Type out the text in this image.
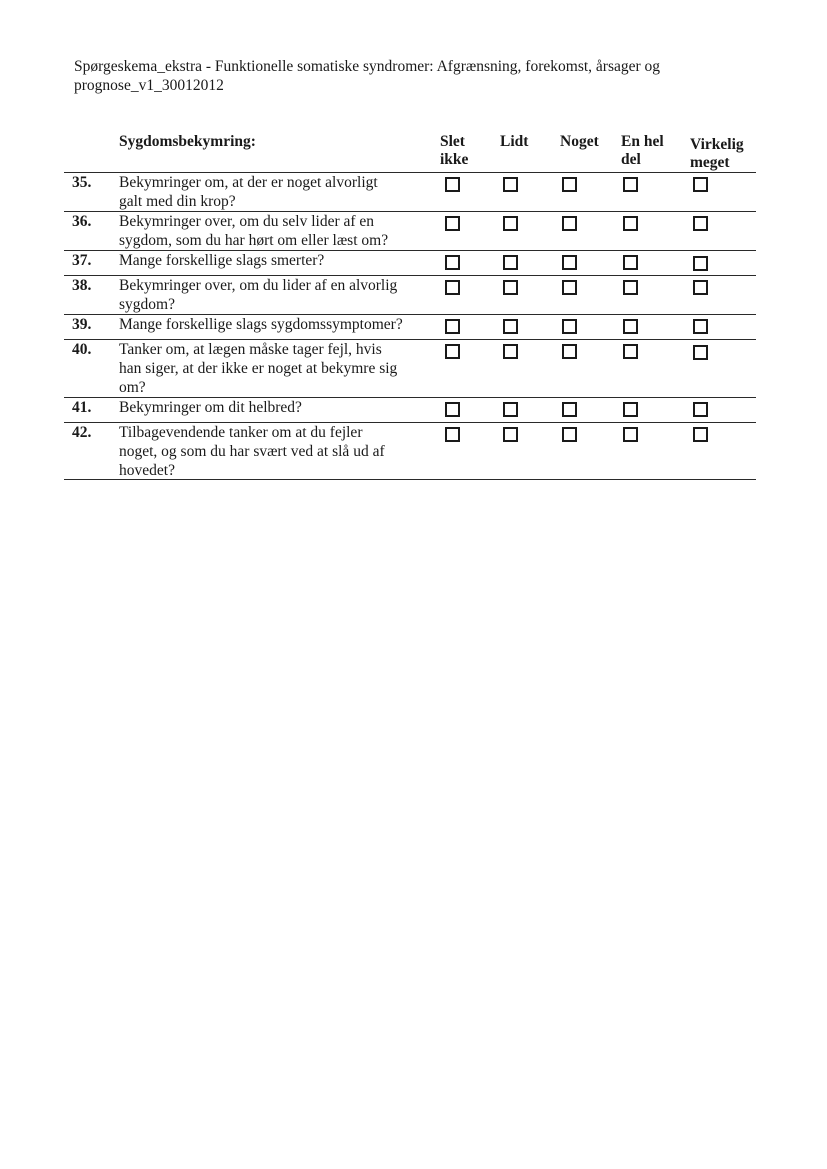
Spørgeskema_ekstra - Funktionelle somatiske syndromer: Afgrænsning, forekomst, årsager og prognose_v1_30012012
Sygdomsbekymring:	Slet
ikke
Lidt Noget En hel
del
Virkelig
meget
35. Bekymringer om, at der er noget alvorligt
galt med din krop?
36. Bekymringer over, om du selv lider af en
sygdom, som du har hørt om eller læst om?
37. Mange forskellige slags smerter?
38. Bekymringer over, om du lider af en alvorlig
sygdom?
39. Mange forskellige slags sygdomssymptomer?
40. Tanker om, at lægen måske tager fejl, hvis
han siger, at der ikke er noget at bekymre sig
om?
41. Bekymringer om dit helbred?
42. Tilbagevendende tanker om at du fejler
noget, og som du har svært ved at slå ud af
hovedet?
